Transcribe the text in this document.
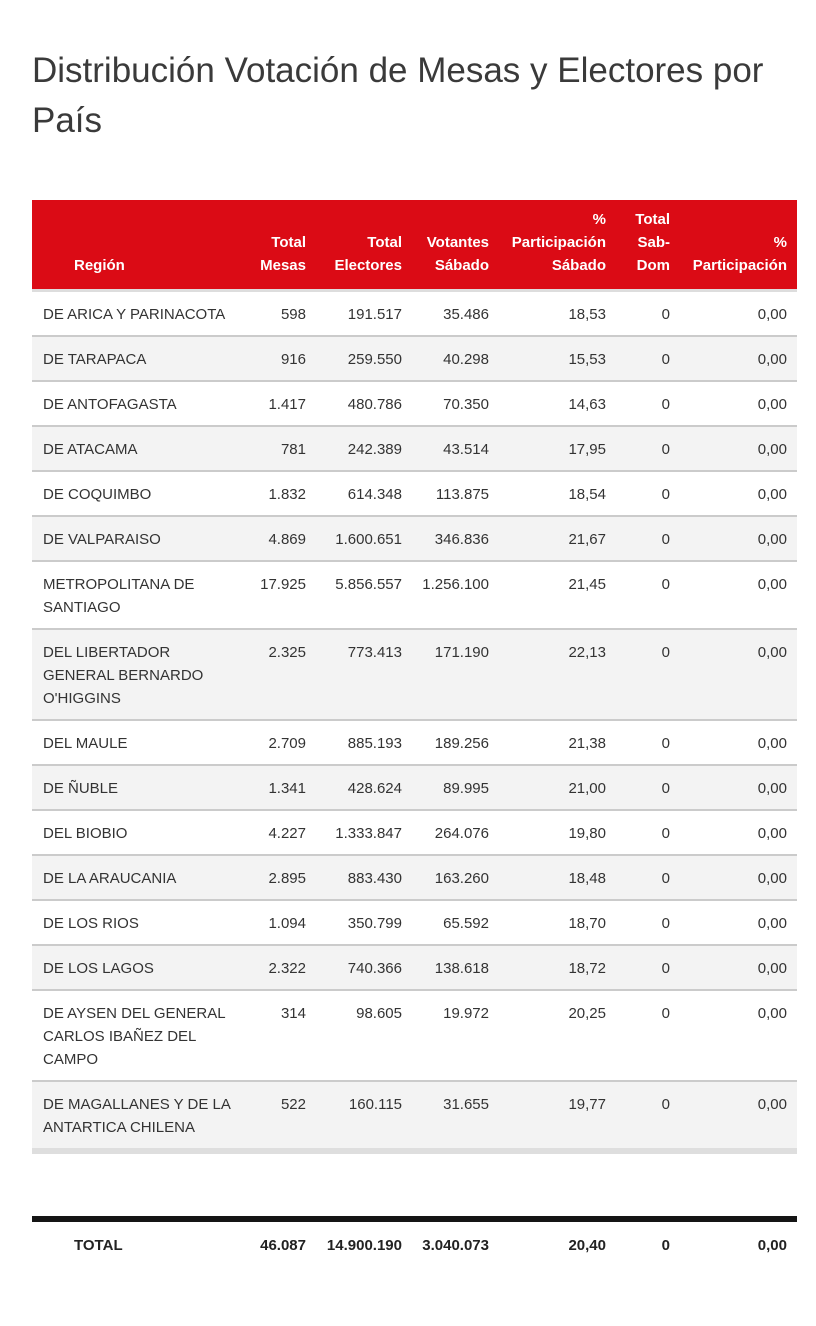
Distribución Votación de Mesas y Electores por País
Región	Total Mesas	Total Electores	Votantes Sábado	% Participación Sábado	Total Sab-Dom	% Participación
DE ARICA Y PARINACOTA	598	191.517	35.486	18,53	0	0,00
DE TARAPACA	916	259.550	40.298	15,53	0	0,00
DE ANTOFAGASTA	1.417	480.786	70.350	14,63	0	0,00
DE ATACAMA	781	242.389	43.514	17,95	0	0,00
DE COQUIMBO	1.832	614.348	113.875	18,54	0	0,00
DE VALPARAISO	4.869	1.600.651	346.836	21,67	0	0,00
METROPOLITANA DE SANTIAGO	17.925	5.856.557	1.256.100	21,45	0	0,00
DEL LIBERTADOR GENERAL BERNARDO O'HIGGINS	2.325	773.413	171.190	22,13	0	0,00
DEL MAULE	2.709	885.193	189.256	21,38	0	0,00
DE ÑUBLE	1.341	428.624	89.995	21,00	0	0,00
DEL BIOBIO	4.227	1.333.847	264.076	19,80	0	0,00
DE LA ARAUCANIA	2.895	883.430	163.260	18,48	0	0,00
DE LOS RIOS	1.094	350.799	65.592	18,70	0	0,00
DE LOS LAGOS	2.322	740.366	138.618	18,72	0	0,00
DE AYSEN DEL GENERAL CARLOS IBAÑEZ DEL CAMPO	314	98.605	19.972	20,25	0	0,00
DE MAGALLANES Y DE LA ANTARTICA CHILENA	522	160.115	31.655	19,77	0	0,00

TOTAL	46.087	14.900.190	3.040.073	20,40	0	0,00
